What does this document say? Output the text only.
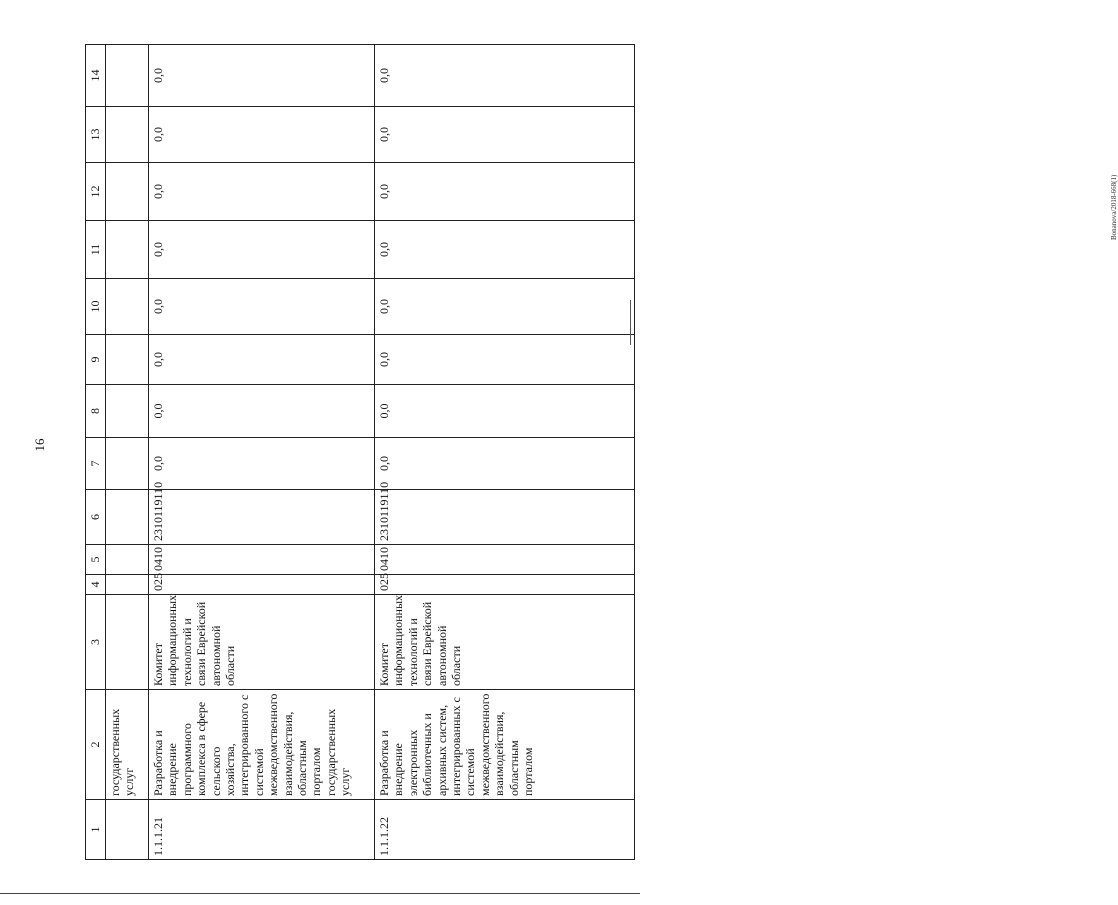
16
1	2	3	4	5	6	7	8	9	10	11	12	13	14
	государственных услуг												
1.1.1.21	Разработка и внедрение программного комплекса в сфере сельского хозяйства, интегрированного с системой межведомственного взаимодействия, областным порталом государственных услуг	Комитет информационных технологий и связи Еврейской автономной области	025	0410	2310119110	0,0	0,0	0,0	0,0	0,0	0,0	0,0	0,0
1.1.1.22	Разработка и внедрение электронных библиотечных и архивных систем, интегрированных с системой межведомственного взаимодействия, областным порталом	Комитет информационных технологий и связи Еврейской автономной области	025	0410	2310119110	0,0	0,0	0,0	0,0	0,0	0,0	0,0	0,0
Bonanova/2018-668(1)
